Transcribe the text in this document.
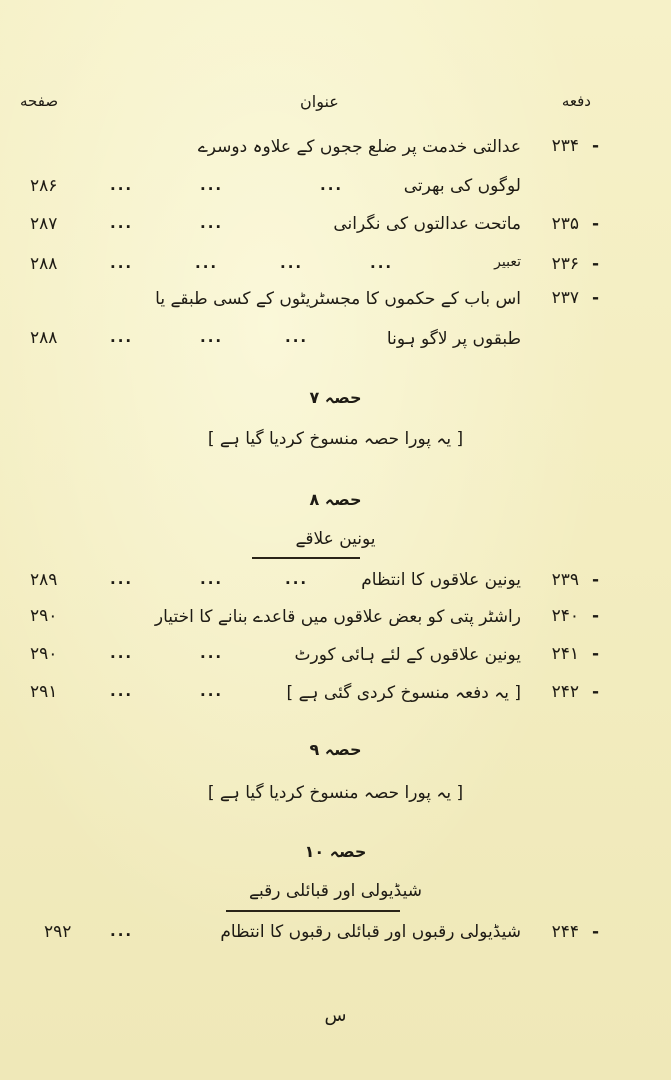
دفعه
عنوان
صفحه
۲۳۴ -
عدالتی خدمت پر ضلع ججوں کے علاوہ دوسرے
لوگوں کی بھرتی
...
...
...
۲۸۶
۲۳۵ -
ماتحت عدالتوں کی نگرانی
...
...
۲۸۷
۲۳۶ -
تعبیر
...
...
...
...
۲۸۸
۲۳۷ -
اس باب کے حکموں کا مجسٹریٹوں کے کسی طبقے یا
طبقوں پر لاگو ہونا
...
...
...
۲۸۸
حصہ ۷
[ یہ پورا حصہ منسوخ کردیا گیا ہے ]
حصہ ۸
یونین علاقے
۲۳۹ -
یونین علاقوں کا انتظام
...
...
...
۲۸۹
۲۴۰ -
راشٹر پتی کو بعض علاقوں میں قاعدے بنانے کا اختیار
۲۹۰
۲۴۱ -
یونین علاقوں کے لئے ہائی کورٹ
...
...
۲۹۰
۲۴۲ -
[ یہ دفعہ منسوخ کردی گئی ہے ]
...
...
۲۹۱
حصہ ۹
[ یہ پورا حصہ منسوخ کردیا گیا ہے ]
حصہ ۱۰
شیڈیولی اور قبائلی رقبے
۲۴۴ -
شیڈیولی رقبوں اور قبائلی رقبوں کا انتظام
...
۲۹۲
س
